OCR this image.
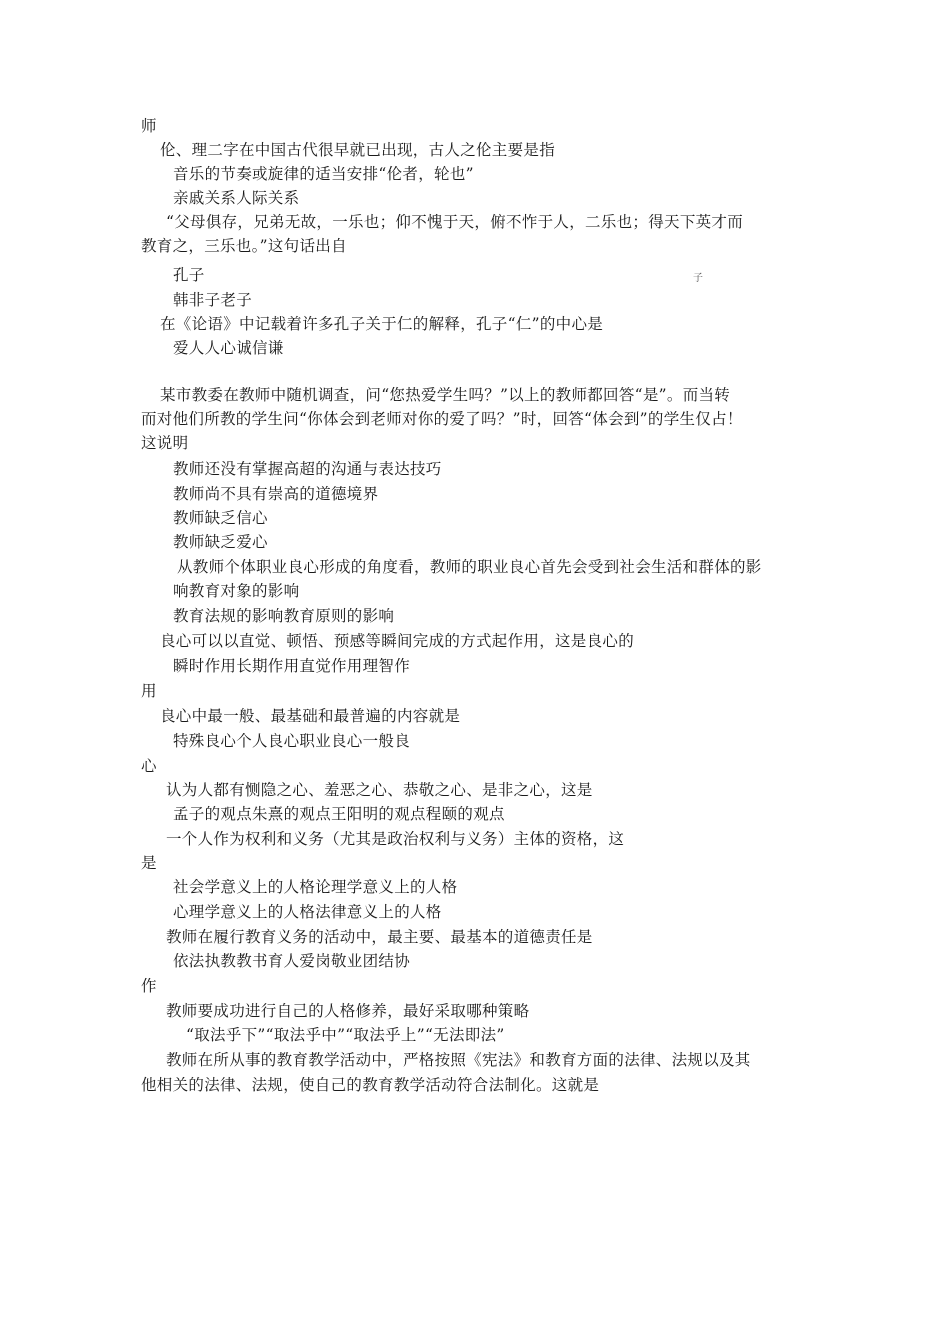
师
伦、理二字在中国古代很早就已出现，古人之伦主要是指
音乐的节奏或旋律的适当安排“伦者，轮也”
亲戚关系人际关系
“父母俱存，兄弟无故，一乐也；仰不愧于天，俯不怍于人，二乐也；得天下英才而
教育之，三乐也。”这句话出自
孔子	子
韩非子老子
在《论语》中记载着许多孔子关于仁的解释，孔子“仁”的中心是
爱人人心诚信谦
某市教委在教师中随机调查，问“您热爱学生吗？”以上的教师都回答“是”。而当转
而对他们所教的学生问“你体会到老师对你的爱了吗？”时，回答“体会到”的学生仅占！
这说明
教师还没有掌握高超的沟通与表达技巧
教师尚不具有崇高的道德境界
教师缺乏信心
教师缺乏爱心
从教师个体职业良心形成的角度看，教师的职业良心首先会受到社会生活和群体的影
响教育对象的影响
教育法规的影响教育原则的影响
良心可以以直觉、顿悟、预感等瞬间完成的方式起作用，这是良心的
瞬时作用长期作用直觉作用理智作
用
良心中最一般、最基础和最普遍的内容就是
特殊良心个人良心职业良心一般良
心
认为人都有恻隐之心、羞恶之心、恭敬之心、是非之心，这是
孟子的观点朱熹的观点王阳明的观点程颐的观点
一个人作为权利和义务（尤其是政治权利与义务）主体的资格，这
是
社会学意义上的人格论理学意义上的人格
心理学意义上的人格法律意义上的人格
教师在履行教育义务的活动中，最主要、最基本的道德责任是
依法执教教书育人爱岗敬业团结协
作
教师要成功进行自己的人格修养，最好采取哪种策略
“取法乎下”“取法乎中”“取法乎上”“无法即法”
教师在所从事的教育教学活动中，严格按照《宪法》和教育方面的法律、法规以及其
他相关的法律、法规，使自己的教育教学活动符合法制化。这就是
